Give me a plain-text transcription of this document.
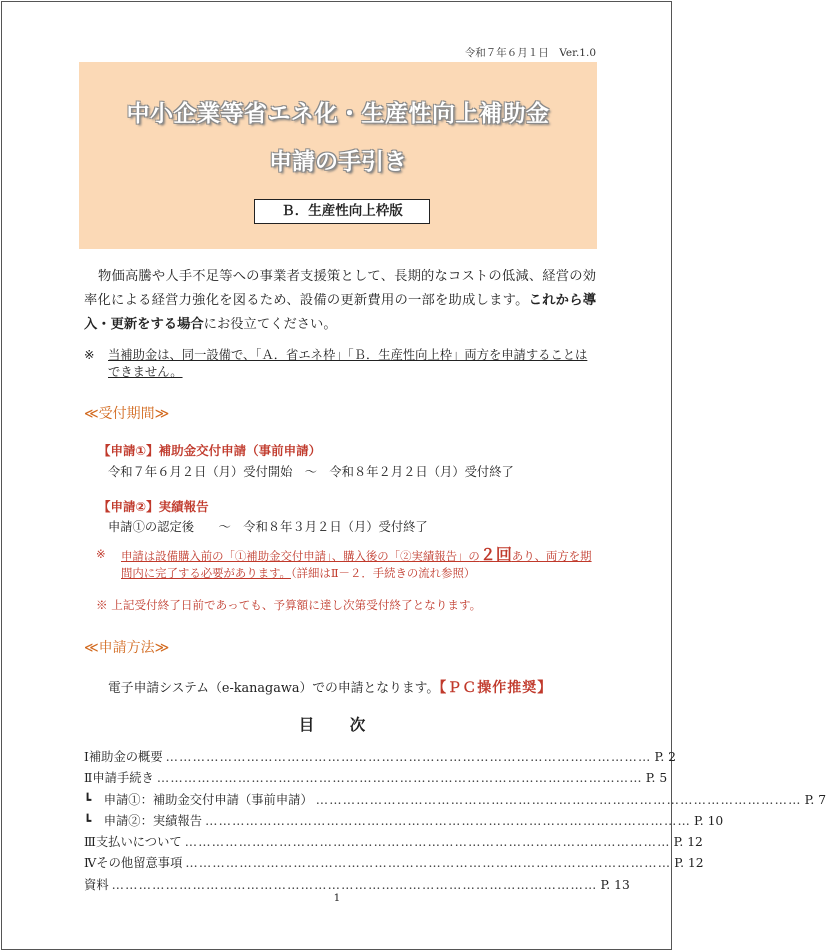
令和７年６月１日　Ver.1.0
中小企業等省エネ化・生産性向上補助金
申請の手引き
Ｂ．生産性向上枠版

物価高騰や人手不足等への事業者支援策として、長期的なコストの低減、経営の効率化による経営力強化を図るため、設備の更新費用の一部を助成します。これから導入・更新をする場合にお役立てください。

※ 当補助金は、同一設備で、「Ａ．省エネ枠」「Ｂ．生産性向上枠」両方を申請することはできません。
≪受付期間≫
【申請①】補助金交付申請（事前申請）
令和７年６月２日（月）受付開始　～　令和８年２月２日（月）受付終了
【申請②】実績報告
申請①の認定後　　～　令和８年３月２日（月）受付終了
※ 申請は設備購入前の「①補助金交付申請」、購入後の「②実績報告」の２回あり、両方を期間内に完了する必要があります。（詳細はⅡ－２．手続きの流れ参照）
※ 上記受付終了日前であっても、予算額に達し次第受付終了となります。
≪申請方法≫
電子申請システム（e-kanagawa）での申請となります。【ＰＣ操作推奨】
目　次
Ⅰ 補助金の概要 ……………………………………………………………………………………………… P. 2
Ⅱ 申請手続き ……………………………………………………………………………………………… P. 5
┗　申請①：補助金交付申請（事前申請） ……………………………………………………………………………………………… P. 7
┗　申請②：実績報告 ……………………………………………………………………………………………… P. 10
Ⅲ 支払いについて ……………………………………………………………………………………………… P. 12
Ⅳ その他留意事項 ……………………………………………………………………………………………… P. 12
資 料 ……………………………………………………………………………………………… P. 13
1
